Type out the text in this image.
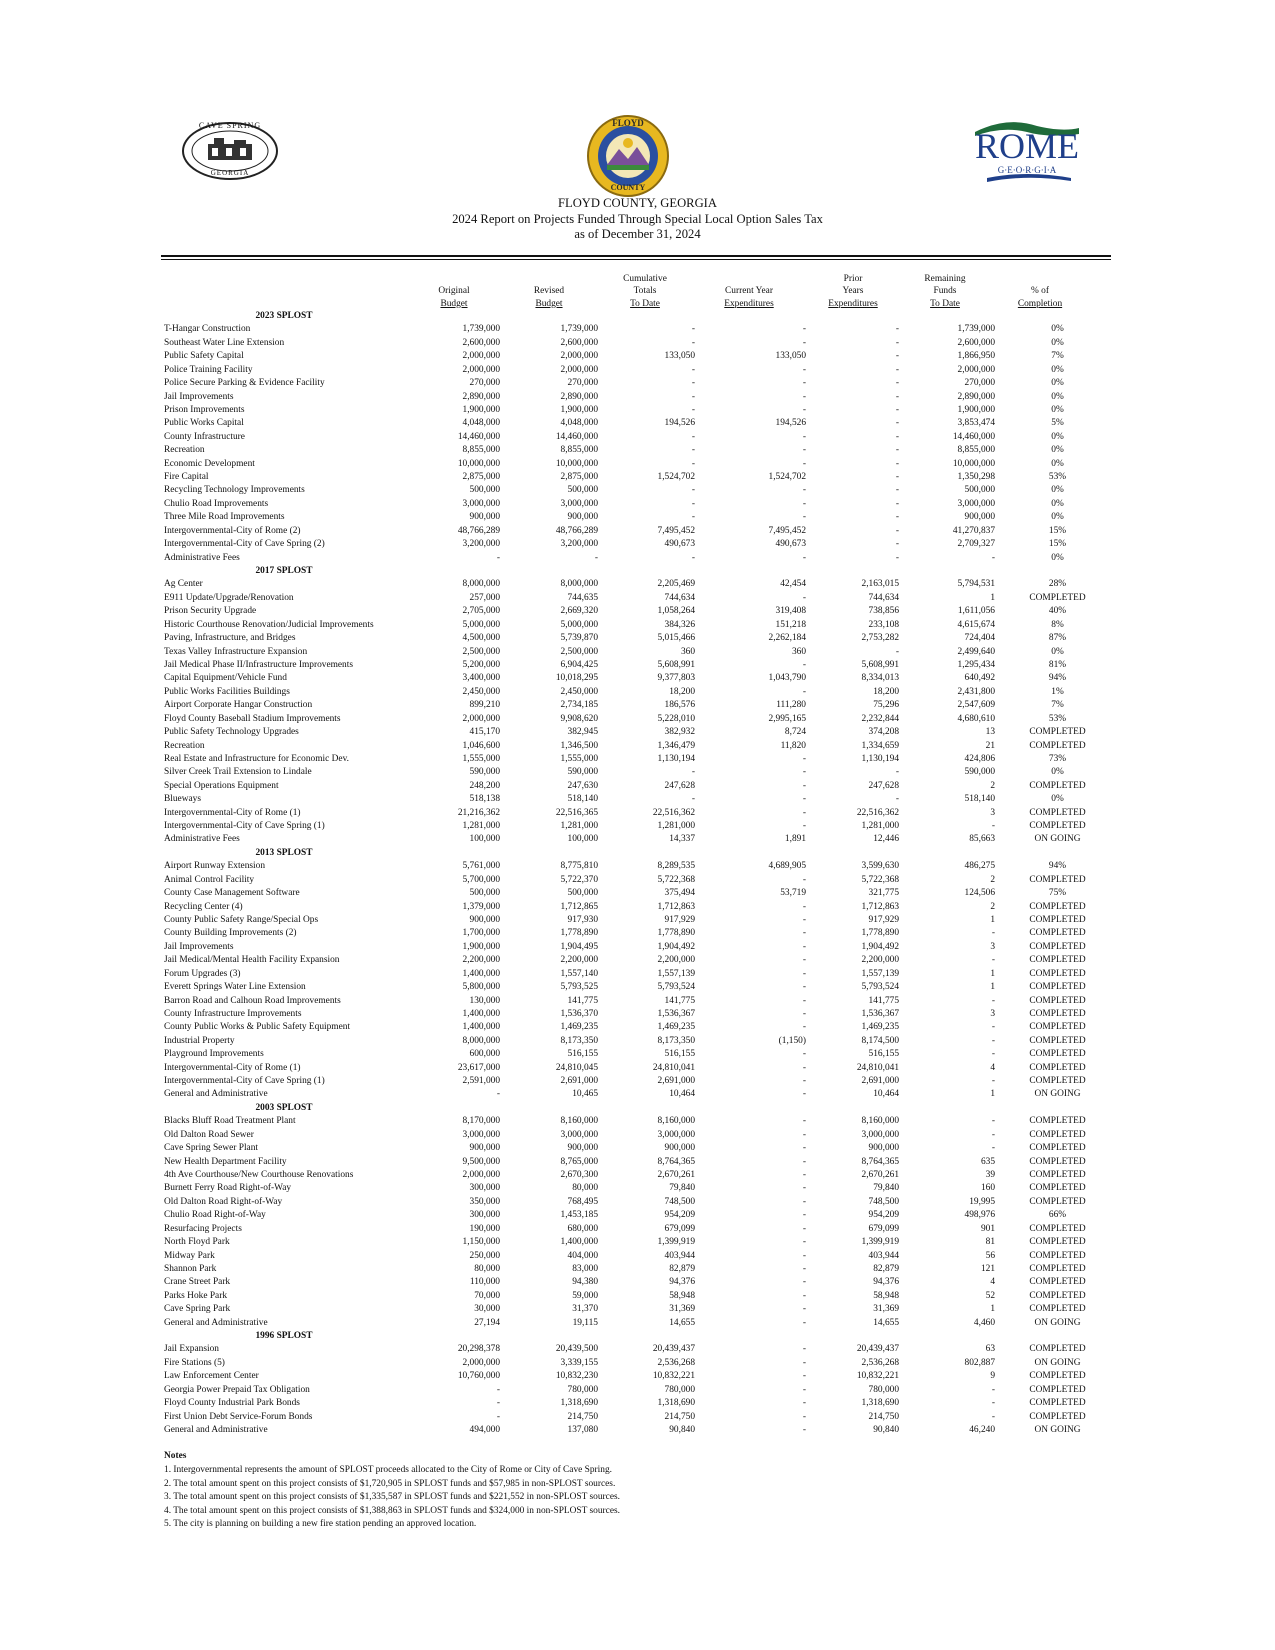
CAVE SPRING
GEORGIA
FLOYD
COUNTY
ROME
G·E·O·R·G·I·A
FLOYD COUNTY, GEORGIA
2024 Report on Projects Funded Through Special Local Option Sales Tax
as of December 31, 2024
Original
Budget
Revised
Budget
Cumulative
Totals
To Date
Current Year
Expenditures
Prior
Years
Expenditures
Remaining
Funds
To Date
% of
Completion
2023 SPLOST
T-Hangar Construction	1,739,000	1,739,000	-	-	-	1,739,000	0%
Southeast Water Line Extension	2,600,000	2,600,000	-	-	-	2,600,000	0%
Public Safety Capital	2,000,000	2,000,000	133,050	133,050	-	1,866,950	7%
Police Training Facility	2,000,000	2,000,000	-	-	-	2,000,000	0%
Police Secure Parking & Evidence Facility	270,000	270,000	-	-	-	270,000	0%
Jail Improvements	2,890,000	2,890,000	-	-	-	2,890,000	0%
Prison Improvements	1,900,000	1,900,000	-	-	-	1,900,000	0%
Public Works Capital	4,048,000	4,048,000	194,526	194,526	-	3,853,474	5%
County Infrastructure	14,460,000	14,460,000	-	-	-	14,460,000	0%
Recreation	8,855,000	8,855,000	-	-	-	8,855,000	0%
Economic Development	10,000,000	10,000,000	-	-	-	10,000,000	0%
Fire Capital	2,875,000	2,875,000	1,524,702	1,524,702	-	1,350,298	53%
Recycling Technology Improvements	500,000	500,000	-	-	-	500,000	0%
Chulio Road Improvements	3,000,000	3,000,000	-	-	-	3,000,000	0%
Three Mile Road Improvements	900,000	900,000	-	-	-	900,000	0%
Intergovernmental-City of Rome (2)	48,766,289	48,766,289	7,495,452	7,495,452	-	41,270,837	15%
Intergovernmental-City of Cave Spring (2)	3,200,000	3,200,000	490,673	490,673	-	2,709,327	15%
Administrative Fees	-	-	-	-	-	-	0%
2017 SPLOST
Ag Center	8,000,000	8,000,000	2,205,469	42,454	2,163,015	5,794,531	28%
E911 Update/Upgrade/Renovation	257,000	744,635	744,634	-	744,634	1	COMPLETED
Prison Security Upgrade	2,705,000	2,669,320	1,058,264	319,408	738,856	1,611,056	40%
Historic Courthouse Renovation/Judicial Improvements	5,000,000	5,000,000	384,326	151,218	233,108	4,615,674	8%
Paving, Infrastructure, and Bridges	4,500,000	5,739,870	5,015,466	2,262,184	2,753,282	724,404	87%
Texas Valley Infrastructure Expansion	2,500,000	2,500,000	360	360	-	2,499,640	0%
Jail Medical Phase II/Infrastructure Improvements	5,200,000	6,904,425	5,608,991	-	5,608,991	1,295,434	81%
Capital Equipment/Vehicle Fund	3,400,000	10,018,295	9,377,803	1,043,790	8,334,013	640,492	94%
Public Works Facilities Buildings	2,450,000	2,450,000	18,200	-	18,200	2,431,800	1%
Airport Corporate Hangar Construction	899,210	2,734,185	186,576	111,280	75,296	2,547,609	7%
Floyd County Baseball Stadium Improvements	2,000,000	9,908,620	5,228,010	2,995,165	2,232,844	4,680,610	53%
Public Safety Technology Upgrades	415,170	382,945	382,932	8,724	374,208	13	COMPLETED
Recreation	1,046,600	1,346,500	1,346,479	11,820	1,334,659	21	COMPLETED
Real Estate and Infrastructure for Economic Dev.	1,555,000	1,555,000	1,130,194	-	1,130,194	424,806	73%
Silver Creek Trail Extension to Lindale	590,000	590,000	-	-	-	590,000	0%
Special Operations Equipment	248,200	247,630	247,628	-	247,628	2	COMPLETED
Blueways	518,138	518,140	-	-	-	518,140	0%
Intergovernmental-City of Rome (1)	21,216,362	22,516,365	22,516,362	-	22,516,362	3	COMPLETED
Intergovernmental-City of Cave Spring (1)	1,281,000	1,281,000	1,281,000	-	1,281,000	-	COMPLETED
Administrative Fees	100,000	100,000	14,337	1,891	12,446	85,663	ON GOING
2013 SPLOST
Airport Runway Extension	5,761,000	8,775,810	8,289,535	4,689,905	3,599,630	486,275	94%
Animal Control Facility	5,700,000	5,722,370	5,722,368	-	5,722,368	2	COMPLETED
County Case Management Software	500,000	500,000	375,494	53,719	321,775	124,506	75%
Recycling Center (4)	1,379,000	1,712,865	1,712,863	-	1,712,863	2	COMPLETED
County Public Safety Range/Special Ops	900,000	917,930	917,929	-	917,929	1	COMPLETED
County Building Improvements (2)	1,700,000	1,778,890	1,778,890	-	1,778,890	-	COMPLETED
Jail Improvements	1,900,000	1,904,495	1,904,492	-	1,904,492	3	COMPLETED
Jail Medical/Mental Health Facility Expansion	2,200,000	2,200,000	2,200,000	-	2,200,000	-	COMPLETED
Forum Upgrades (3)	1,400,000	1,557,140	1,557,139	-	1,557,139	1	COMPLETED
Everett Springs Water Line Extension	5,800,000	5,793,525	5,793,524	-	5,793,524	1	COMPLETED
Barron Road and Calhoun Road Improvements	130,000	141,775	141,775	-	141,775	-	COMPLETED
County Infrastructure Improvements	1,400,000	1,536,370	1,536,367	-	1,536,367	3	COMPLETED
County Public Works & Public Safety Equipment	1,400,000	1,469,235	1,469,235	-	1,469,235	-	COMPLETED
Industrial Property	8,000,000	8,173,350	8,173,350	(1,150)	8,174,500	-	COMPLETED
Playground Improvements	600,000	516,155	516,155	-	516,155	-	COMPLETED
Intergovernmental-City of Rome (1)	23,617,000	24,810,045	24,810,041	-	24,810,041	4	COMPLETED
Intergovernmental-City of Cave Spring (1)	2,591,000	2,691,000	2,691,000	-	2,691,000	-	COMPLETED
General and Administrative	-	10,465	10,464	-	10,464	1	ON GOING
2003 SPLOST
Blacks Bluff Road Treatment Plant	8,170,000	8,160,000	8,160,000	-	8,160,000	-	COMPLETED
Old Dalton Road Sewer	3,000,000	3,000,000	3,000,000	-	3,000,000	-	COMPLETED
Cave Spring Sewer Plant	900,000	900,000	900,000	-	900,000	-	COMPLETED
New Health Department Facility	9,500,000	8,765,000	8,764,365	-	8,764,365	635	COMPLETED
4th Ave Courthouse/New Courthouse Renovations	2,000,000	2,670,300	2,670,261	-	2,670,261	39	COMPLETED
Burnett Ferry Road Right-of-Way	300,000	80,000	79,840	-	79,840	160	COMPLETED
Old Dalton Road Right-of-Way	350,000	768,495	748,500	-	748,500	19,995	COMPLETED
Chulio Road Right-of-Way	300,000	1,453,185	954,209	-	954,209	498,976	66%
Resurfacing Projects	190,000	680,000	679,099	-	679,099	901	COMPLETED
North Floyd Park	1,150,000	1,400,000	1,399,919	-	1,399,919	81	COMPLETED
Midway Park	250,000	404,000	403,944	-	403,944	56	COMPLETED
Shannon Park	80,000	83,000	82,879	-	82,879	121	COMPLETED
Crane Street Park	110,000	94,380	94,376	-	94,376	4	COMPLETED
Parks Hoke Park	70,000	59,000	58,948	-	58,948	52	COMPLETED
Cave Spring Park	30,000	31,370	31,369	-	31,369	1	COMPLETED
General and Administrative	27,194	19,115	14,655	-	14,655	4,460	ON GOING
1996 SPLOST
Jail Expansion	20,298,378	20,439,500	20,439,437	-	20,439,437	63	COMPLETED
Fire Stations (5)	2,000,000	3,339,155	2,536,268	-	2,536,268	802,887	ON GOING
Law Enforcement Center	10,760,000	10,832,230	10,832,221	-	10,832,221	9	COMPLETED
Georgia Power Prepaid Tax Obligation	-	780,000	780,000	-	780,000	-	COMPLETED
Floyd County Industrial Park Bonds	-	1,318,690	1,318,690	-	1,318,690	-	COMPLETED
First Union Debt Service-Forum Bonds	-	214,750	214,750	-	214,750	-	COMPLETED
General and Administrative	494,000	137,080	90,840	-	90,840	46,240	ON GOING
Notes
1. Intergovernmental represents the amount of SPLOST proceeds allocated to the City of Rome or City of Cave Spring.
2. The total amount spent on this project consists of $1,720,905 in SPLOST funds and $57,985 in non-SPLOST sources.
3. The total amount spent on this project consists of $1,335,587 in SPLOST funds and $221,552 in non-SPLOST sources.
4. The total amount spent on this project consists of $1,388,863 in SPLOST funds and $324,000 in non-SPLOST sources.
5. The city is planning on building a new fire station pending an approved location.
